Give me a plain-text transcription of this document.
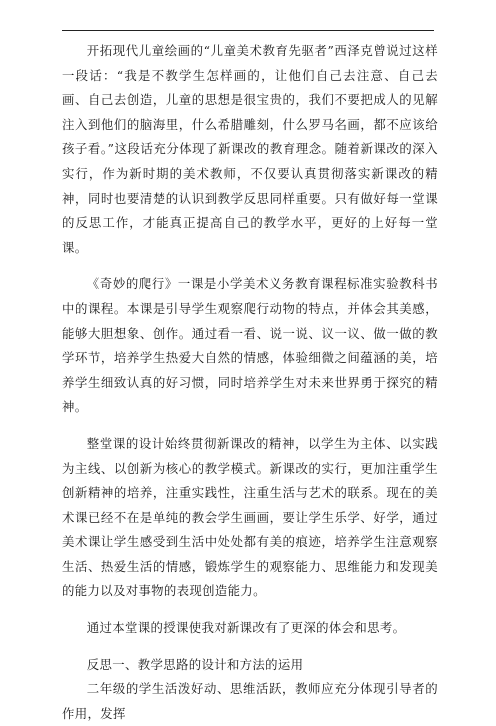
开拓现代儿童绘画的“儿童美术教育先驱者”西泽克曾说过这样一段话：“我是不教学生怎样画的，让他们自己去注意、自己去画、自己去创造，儿童的思想是很宝贵的，我们不要把成人的见解注入到他们的脑海里，什么希腊雕刻，什么罗马名画，都不应该给孩子看。”这段话充分体现了新课改的教育理念。随着新课改的深入实行，作为新时期的美术教师，不仅要认真贯彻落实新课改的精神，同时也要清楚的认识到教学反思同样重要。只有做好每一堂课的反思工作，才能真正提高自己的教学水平，更好的上好每一堂课。

《奇妙的爬行》一课是小学美术义务教育课程标准实验教科书中的课程。本课是引导学生观察爬行动物的特点，并体会其美感，能够大胆想象、创作。通过看一看、说一说、议一议、做一做的教学环节，培养学生热爱大自然的情感，体验细微之间蕴涵的美，培养学生细致认真的好习惯，同时培养学生对未来世界勇于探究的精神。

整堂课的设计始终贯彻新课改的精神，以学生为主体、以实践为主线、以创新为核心的教学模式。新课改的实行，更加注重学生创新精神的培养，注重实践性，注重生活与艺术的联系。现在的美术课已经不在是单纯的教会学生画画，要让学生乐学、好学，通过美术课让学生感受到生活中处处都有美的痕迹，培养学生注意观察生活、热爱生活的情感，锻炼学生的观察能力、思维能力和发现美的能力以及对事物的表现创造能力。

通过本堂课的授课使我对新课改有了更深的体会和思考。

反思一、教学思路的设计和方法的运用

二年级的学生活泼好动、思维活跃，教师应充分体现引导者的作用，发挥
